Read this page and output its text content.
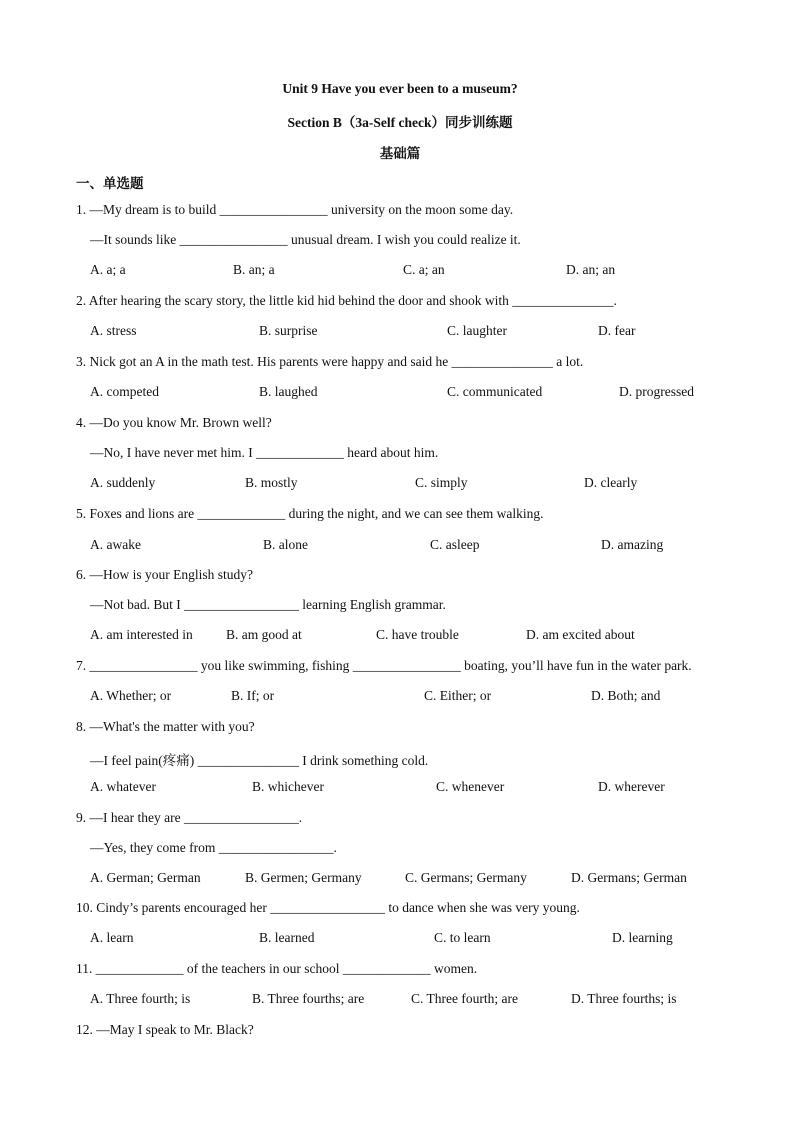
Unit 9 Have you ever been to a museum?
Section B（3a-Self check）同步训练题
基础篇
一、单选题
1. —My dream is to build ________________ university on the moon some day.
—It sounds like ________________ unusual dream. I wish you could realize it.
A. a; a	B. an; a	C. a; an	D. an; an
2. After hearing the scary story, the little kid hid behind the door and shook with _______________.
A. stress	B. surprise	C. laughter	D. fear
3. Nick got an A in the math test. His parents were happy and said he _______________ a lot.
A. competed	B. laughed	C. communicated	D. progressed
4. —Do you know Mr. Brown well?
—No, I have never met him. I _____________ heard about him.
A. suddenly	B. mostly	C. simply	D. clearly
5. Foxes and lions are _____________ during the night, and we can see them walking.
A. awake	B. alone	C. asleep	D. amazing
6. —How is your English study?
—Not bad. But I _________________ learning English grammar.
A. am interested in B. am good at	C. have trouble	D. am excited about
7. ________________ you like swimming, fishing ________________ boating, you’ll have fun in the water park.
A. Whether; or	B. If; or	C. Either; or	D. Both; and
8. —What's the matter with you?
—I feel pain(疼痛) _______________ I drink something cold.
A. whatever	B. whichever	C. whenever	D. wherever
9. —I hear they are _________________.
—Yes, they come from _________________.
A. German; German	B. Germen; Germany	C. Germans; Germany	D. Germans; German
10. Cindy’s parents encouraged her _________________ to dance when she was very young.
A. learn	B. learned	C. to learn	D. learning
11. _____________ of the teachers in our school _____________ women.
A. Three fourth; is	B. Three fourths; are	C. Three fourth; are	D. Three fourths; is
12. —May I speak to Mr. Black?
